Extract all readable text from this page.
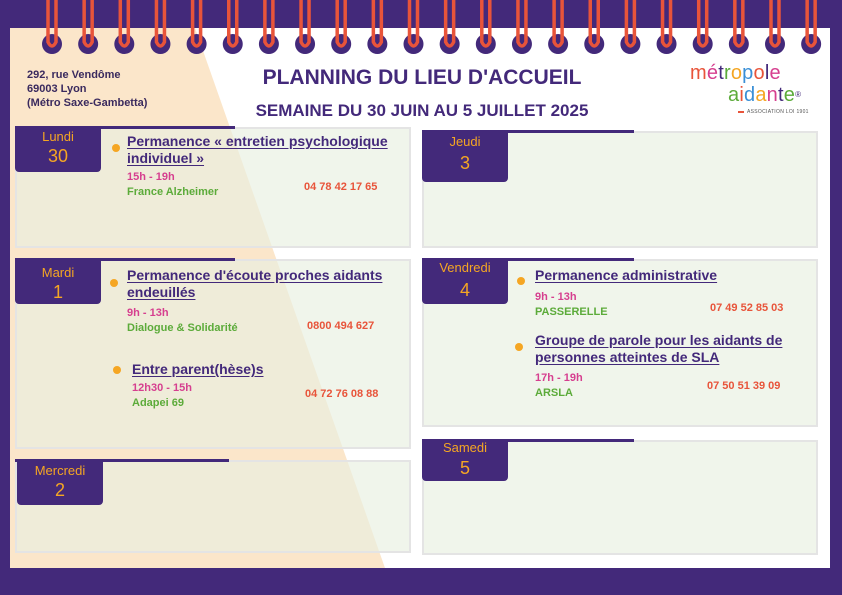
292, rue Vendôme
69003 Lyon
(Métro Saxe-Gambetta)
PLANNING DU LIEU D'ACCUEIL
SEMAINE DU 30 JUIN AU 5 JUILLET 2025
métropole
aidante®
ASSOCIATION LOI 1901
Lundi
30
Permanence « entretien psychologique individuel »
15h - 19h
France Alzheimer	04 78 42 17 65
Mardi
1
Permanence d'écoute proches aidants endeuillés
9h - 13h
Dialogue & Solidarité	0800 494 627
Entre parent(hèse)s
12h30 - 15h
Adapei 69
04 72 76 08 88
Mercredi
2
Jeudi
3
Vendredi
4
Permanence administrative
9h - 13h
PASSERELLE	07 49 52 85 03
Groupe de parole pour les aidants de personnes atteintes de SLA
17h - 19h
ARSLA
07 50 51 39 09
Samedi
5
